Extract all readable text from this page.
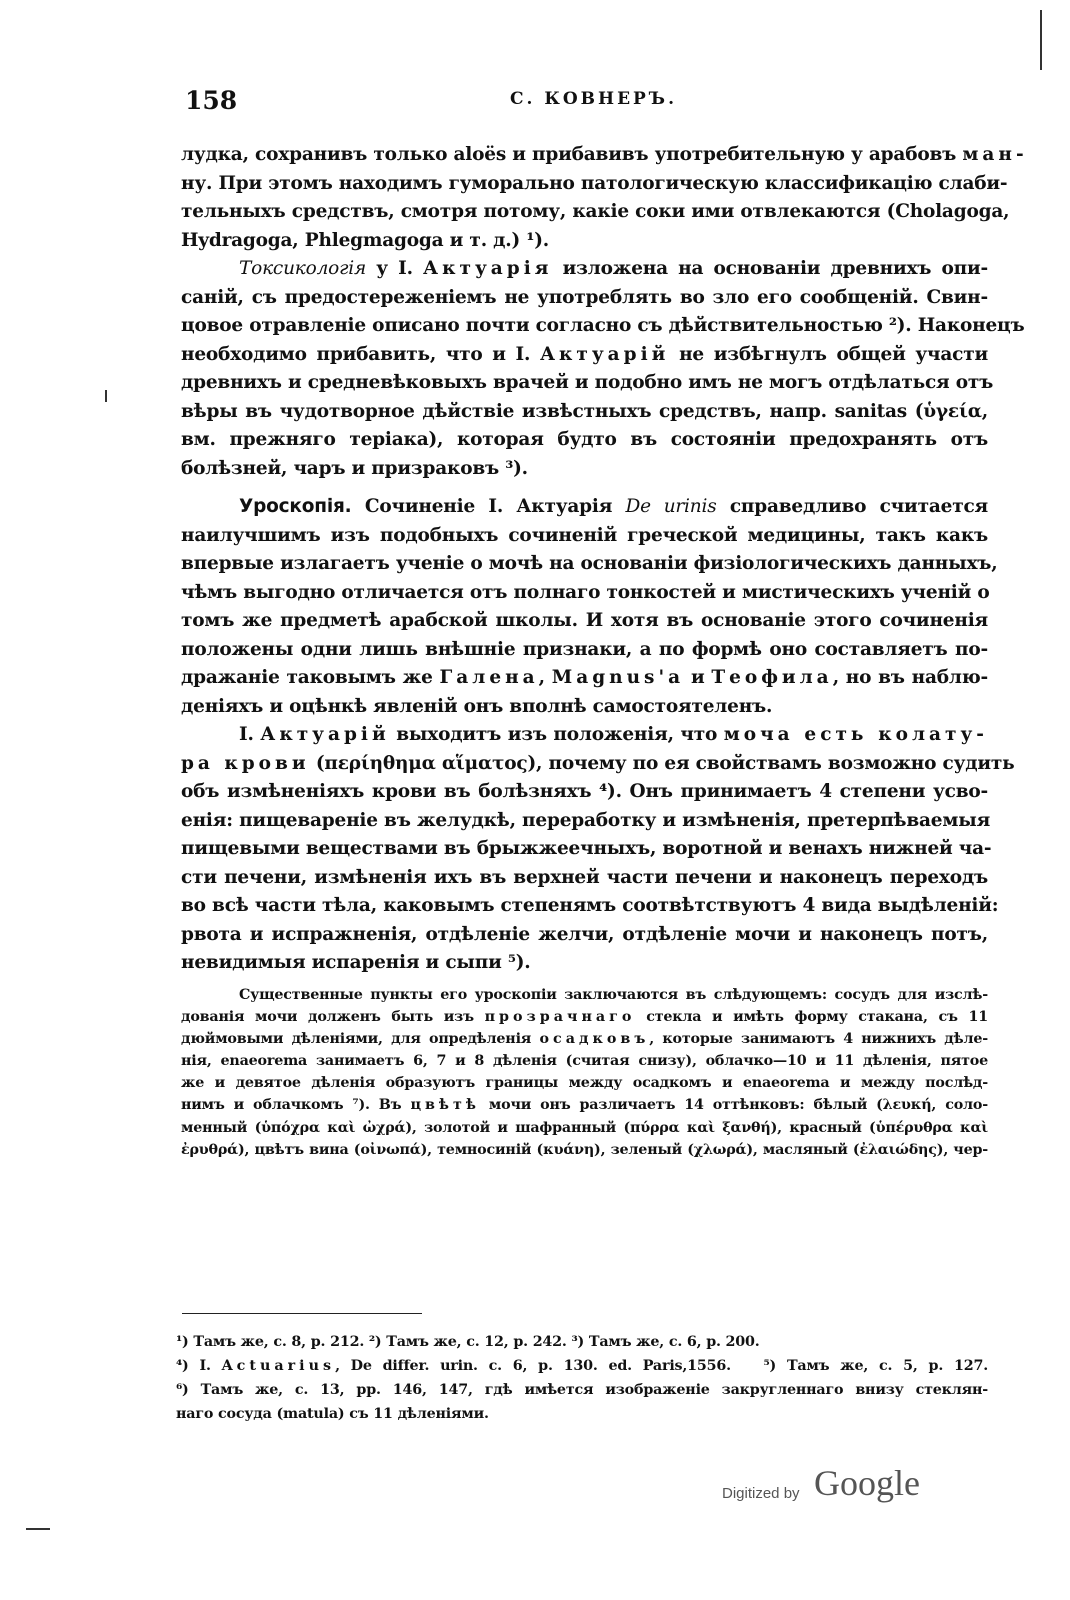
158	С. КОВНЕРЪ.
лудка, сохранивъ только aloës и прибавивъ употребительную у арабовъ ман-
ну. При этомъ находимъ гуморально патологическую классификацію слаби-
тельныхъ средствъ, смотря потому, какіе соки ими отвлекаются (Cholagoga,
Hydragoga, Phlegmagoga и т. д.) ¹).
Токсикологія у І. Актуарія изложена на основаніи древнихъ опи-
саній, съ предостереженіемъ не употреблять во зло его сообщеній. Свин-
цовое отравленіе описано почти согласно съ дѣйствительностью ²). Наконецъ
необходимо прибавить, что и І. Актуарій не избѣгнулъ общей участи
древнихъ и средневѣковыхъ врачей и подобно имъ не могъ отдѣлаться отъ
вѣры въ чудотворное дѣйствіе извѣстныхъ средствъ, напр. sanitas (ὑγεία,
вм. прежняго теріака), которая будто въ состояніи предохранять отъ
болѣзней, чаръ и призраковъ ³).
Уроскопія. Сочиненіе І. Актуарія De urinis справедливо считается
наилучшимъ изъ подобныхъ сочиненій греческой медицины, такъ какъ
впервые излагаетъ ученіе о мочѣ на основаніи физіологическихъ данныхъ,
чѣмъ выгодно отличается отъ полнаго тонкостей и мистическихъ ученій о
томъ же предметѣ арабской школы. И хотя въ основаніе этого сочиненія
положены одни лишь внѣшніе признаки, а по формѣ оно составляетъ по-
дражаніе таковымъ же Галена, Magnus'а и Теофила, но въ наблю-
деніяхъ и оцѣнкѣ явленій онъ вполнѣ самостоятеленъ.
І. Актуарій выходитъ изъ положенія, что моча есть колату-
ра крови (περίηθημα αἵματος), почему по ея свойствамъ возможно судить
объ измѣненіяхъ крови въ болѣзняхъ ⁴). Онъ принимаетъ 4 степени усво-
енія: пищевареніе въ желудкѣ, переработку и измѣненія, претерпѣваемыя
пищевыми веществами въ брыжжеечныхъ, воротной и венахъ нижней ча-
сти печени, измѣненія ихъ въ верхней части печени и наконецъ переходъ
во всѣ части тѣла, каковымъ степенямъ соотвѣтствуютъ 4 вида выдѣленій:
рвота и испражненія, отдѣленіе желчи, отдѣленіе мочи и наконецъ потъ,
невидимыя испаренія и сыпи ⁵).
Существенные пункты его уроскопіи заключаются въ слѣдующемъ: сосудъ для изслѣ-
дованія мочи долженъ быть изъ прозрачнаго стекла и имѣть форму стакана, съ 11
дюймовыми дѣленіями, для опредѣленія осадковъ, которые занимаютъ 4 нижнихъ дѣле-
нія, enaeorema занимаетъ 6, 7 и 8 дѣленія (считая снизу), облачко—10 и 11 дѣленія, пятое
же и девятое дѣленія образуютъ границы между осадкомъ и enaeorema и между послѣд-
нимъ и облачкомъ ⁷). Въ цвѣтѣ мочи онъ различаетъ 14 оттѣнковъ: бѣлый (λευκή, соло-
менный (ὑπόχρα καὶ ὠχρά), золотой и шафранный (πύρρα καὶ ξανθή), красный (ὑπέρυθρα καὶ
ἐρυθρά), цвѣтъ вина (οἰνωπά), темносиній (κυάνη), зеленый (χλωρά), масляный (ἐλαιώδης), чер-
¹) Тамъ же, с. 8, p. 212. ²) Тамъ же, с. 12, p. 242. ³) Тамъ же, с. 6, p. 200.
⁴) I. Actuarius, De differ. urin. c. 6, p. 130. ed. Paris,1556.   ⁵) Тамъ же, с. 5, p. 127.
⁶) Тамъ же, с. 13, pp. 146, 147, гдѣ имѣется изображеніе закругленнаго внизу стеклян-
наго сосуда (matula) съ 11 дѣленіями.
Digitized by Google
